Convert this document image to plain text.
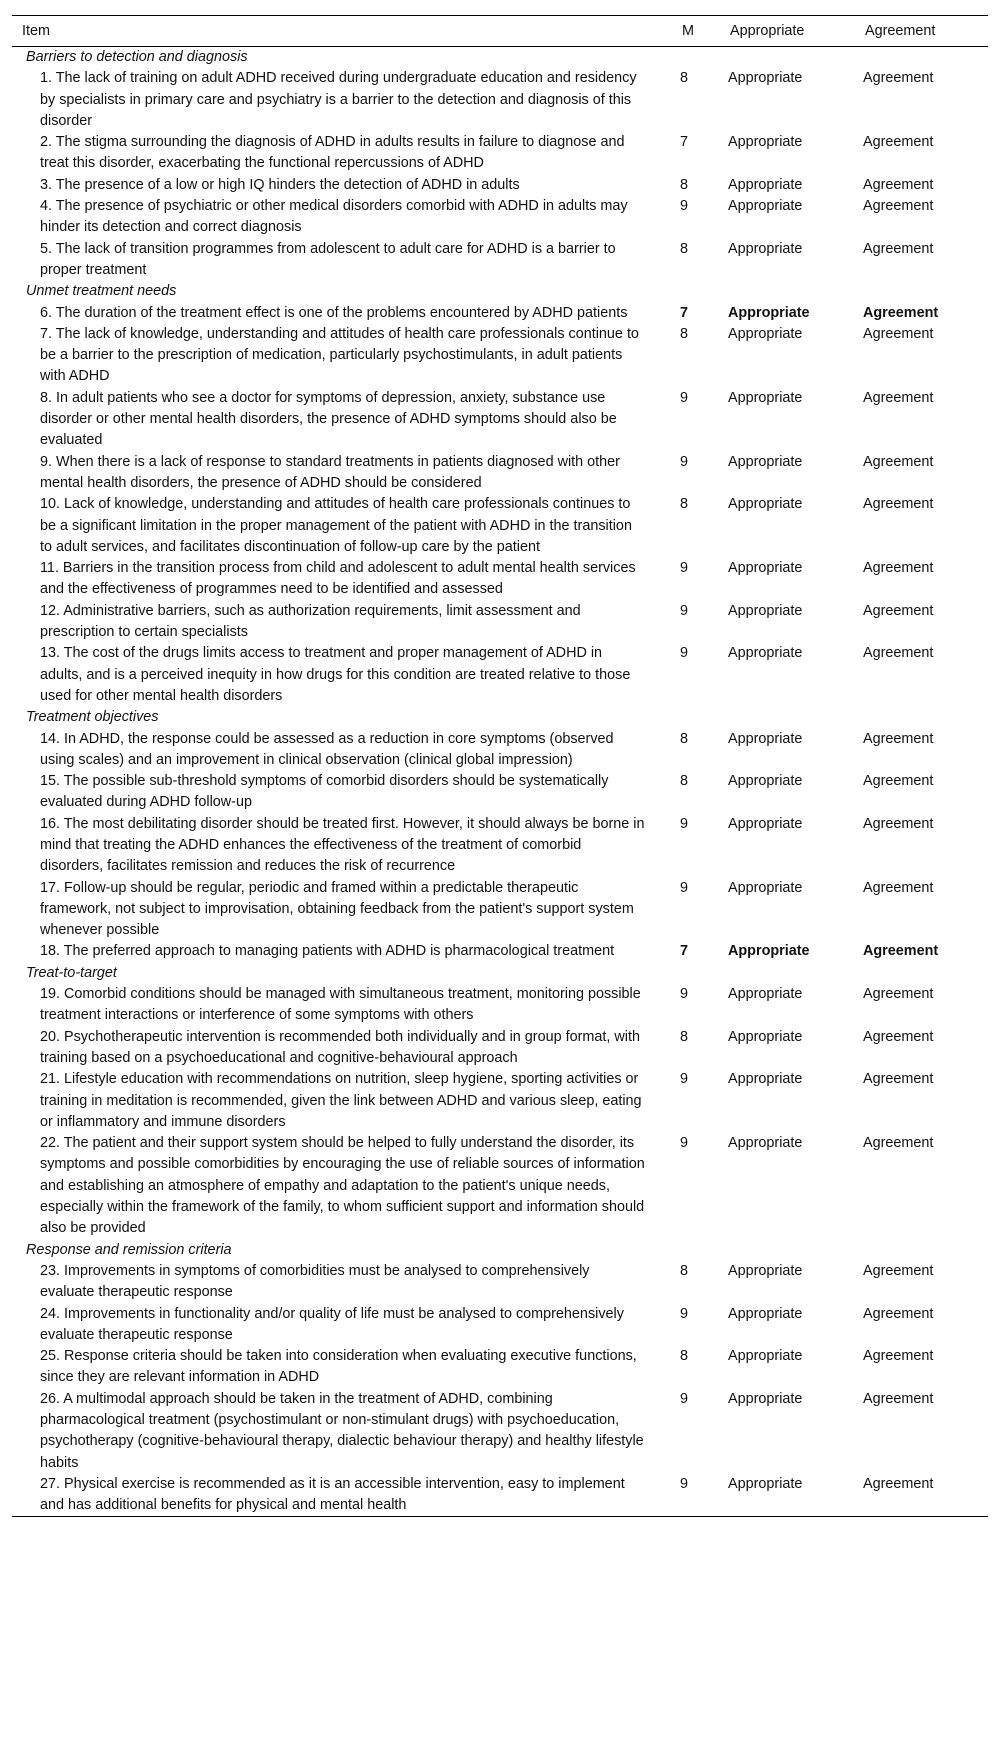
Item	M	Appropriate	Agreement
Barriers to detection and diagnosis			

1. The lack of training on adult ADHD received during undergraduate education and residency by specialists in primary care and psychiatry is a barrier to the detection and diagnosis of this disorder	8	Appropriate	Agreement

2. The stigma surrounding the diagnosis of ADHD in adults results in failure to diagnose and treat this disorder, exacerbating the functional repercussions of ADHD	7	Appropriate	Agreement

3. The presence of a low or high IQ hinders the detection of ADHD in adults	8	Appropriate	Agreement

4. The presence of psychiatric or other medical disorders comorbid with ADHD in adults may hinder its detection and correct diagnosis	9	Appropriate	Agreement

5. The lack of transition programmes from adolescent to adult care for ADHD is a barrier to proper treatment	8	Appropriate	Agreement
Unmet treatment needs			

6. The duration of the treatment effect is one of the problems encountered by ADHD patients	7	Appropriate	Agreement

7. The lack of knowledge, understanding and attitudes of health care professionals continue to be a barrier to the prescription of medication, particularly psychostimulants, in adult patients with ADHD	8	Appropriate	Agreement

8. In adult patients who see a doctor for symptoms of depression, anxiety, substance use disorder or other mental health disorders, the presence of ADHD symptoms should also be evaluated	9	Appropriate	Agreement

9. When there is a lack of response to standard treatments in patients diagnosed with other mental health disorders, the presence of ADHD should be considered	9	Appropriate	Agreement

10. Lack of knowledge, understanding and attitudes of health care professionals continues to be a significant limitation in the proper management of the patient with ADHD in the transition to adult services, and facilitates discontinuation of follow-up care by the patient	8	Appropriate	Agreement

11. Barriers in the transition process from child and adolescent to adult mental health services and the effectiveness of programmes need to be identified and assessed	9	Appropriate	Agreement

12. Administrative barriers, such as authorization requirements, limit assessment and prescription to certain specialists	9	Appropriate	Agreement

13. The cost of the drugs limits access to treatment and proper management of ADHD in adults, and is a perceived inequity in how drugs for this condition are treated relative to those used for other mental health disorders	9	Appropriate	Agreement
Treatment objectives			

14. In ADHD, the response could be assessed as a reduction in core symptoms (observed using scales) and an improvement in clinical observation (clinical global impression)	8	Appropriate	Agreement

15. The possible sub-threshold symptoms of comorbid disorders should be systematically evaluated during ADHD follow-up	8	Appropriate	Agreement

16. The most debilitating disorder should be treated first. However, it should always be borne in mind that treating the ADHD enhances the effectiveness of the treatment of comorbid disorders, facilitates remission and reduces the risk of recurrence	9	Appropriate	Agreement

17. Follow-up should be regular, periodic and framed within a predictable therapeutic framework, not subject to improvisation, obtaining feedback from the patient's support system whenever possible	9	Appropriate	Agreement

18. The preferred approach to managing patients with ADHD is pharmacological treatment	7	Appropriate	Agreement
Treat-to-target			

19. Comorbid conditions should be managed with simultaneous treatment, monitoring possible treatment interactions or interference of some symptoms with others	9	Appropriate	Agreement

20. Psychotherapeutic intervention is recommended both individually and in group format, with training based on a psychoeducational and cognitive-behavioural approach	8	Appropriate	Agreement

21. Lifestyle education with recommendations on nutrition, sleep hygiene, sporting activities or training in meditation is recommended, given the link between ADHD and various sleep, eating or inflammatory and immune disorders	9	Appropriate	Agreement

22. The patient and their support system should be helped to fully understand the disorder, its symptoms and possible comorbidities by encouraging the use of reliable sources of information and establishing an atmosphere of empathy and adaptation to the patient's unique needs, especially within the framework of the family, to whom sufficient support and information should also be provided	9	Appropriate	Agreement
Response and remission criteria			

23. Improvements in symptoms of comorbidities must be analysed to comprehensively evaluate therapeutic response	8	Appropriate	Agreement

24. Improvements in functionality and/or quality of life must be analysed to comprehensively evaluate therapeutic response	9	Appropriate	Agreement

25. Response criteria should be taken into consideration when evaluating executive functions, since they are relevant information in ADHD	8	Appropriate	Agreement

26. A multimodal approach should be taken in the treatment of ADHD, combining pharmacological treatment (psychostimulant or non-stimulant drugs) with psychoeducation, psychotherapy (cognitive-behavioural therapy, dialectic behaviour therapy) and healthy lifestyle habits	9	Appropriate	Agreement

27. Physical exercise is recommended as it is an accessible intervention, easy to implement and has additional benefits for physical and mental health	9	Appropriate	Agreement
